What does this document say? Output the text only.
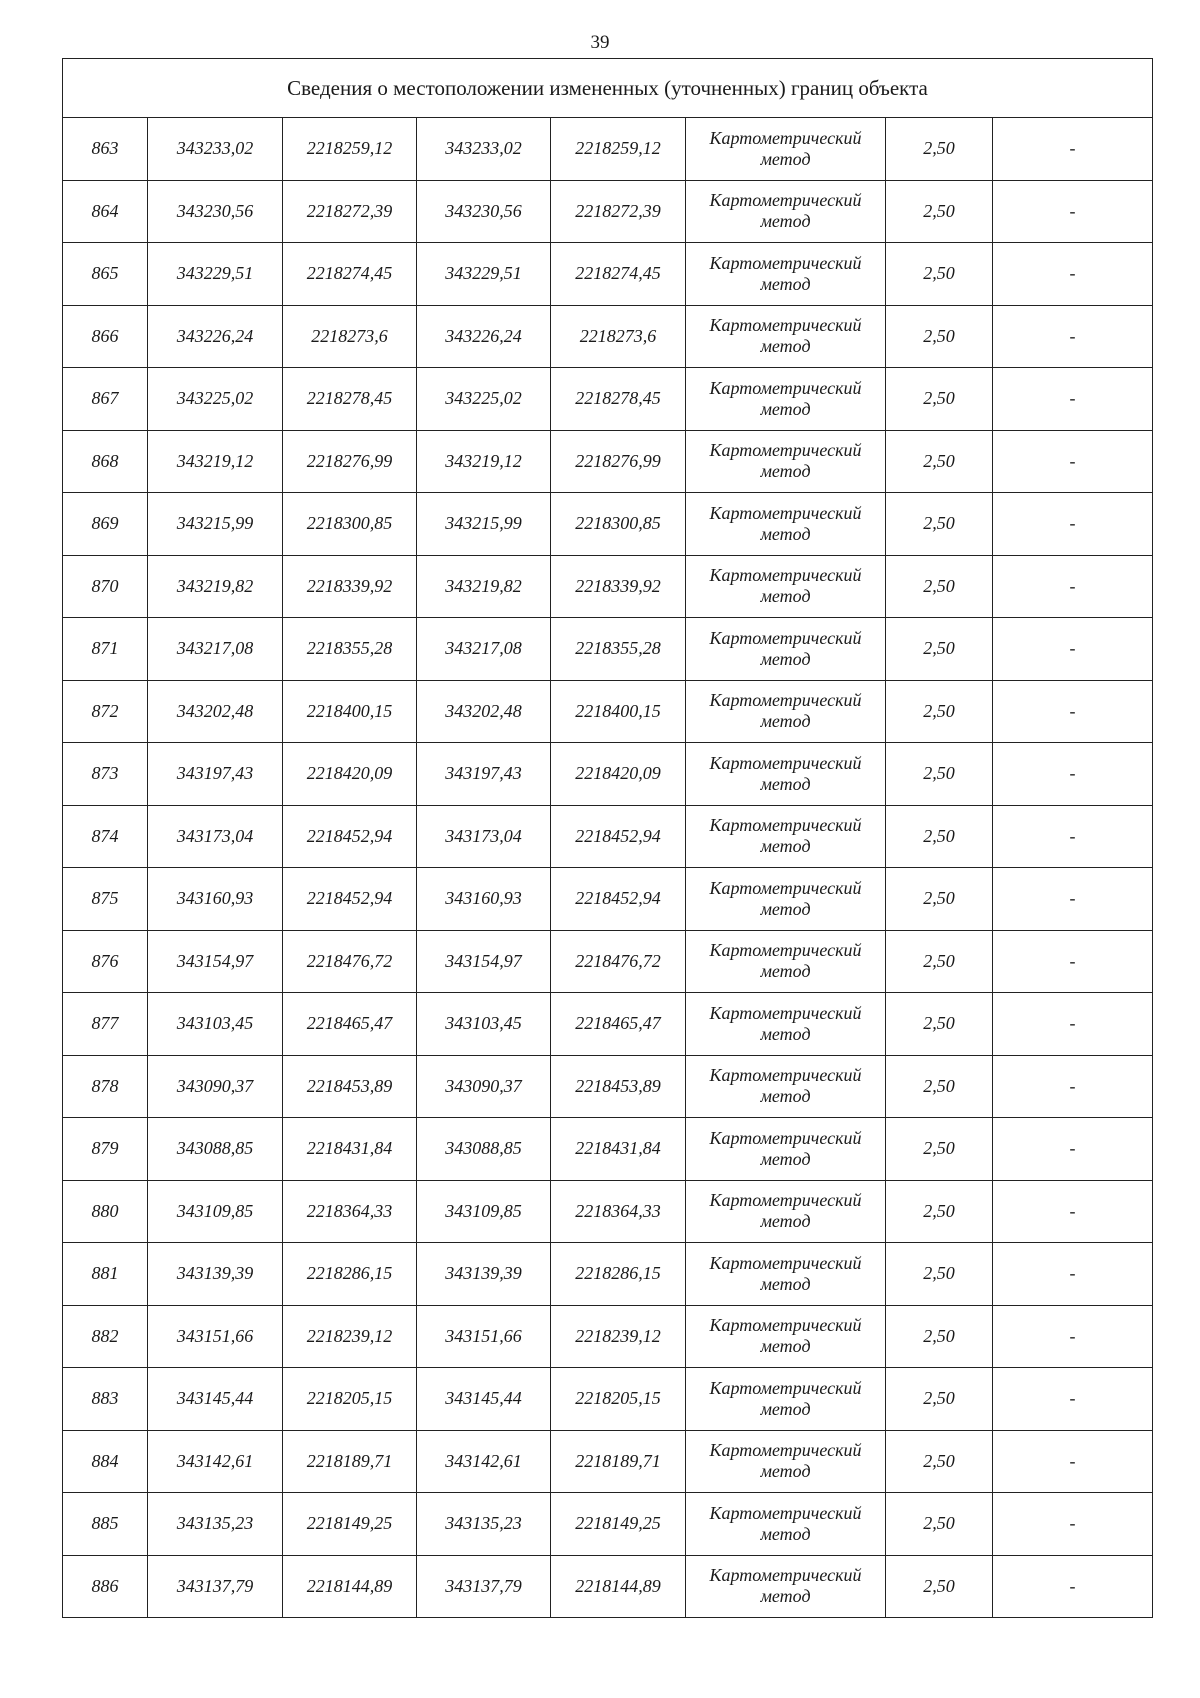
39
Сведения о местоположении измененных (уточненных) границ объекта							
863	343233,02	2218259,12	343233,02	2218259,12	Картометрический
метод	2,50	-
864	343230,56	2218272,39	343230,56	2218272,39	Картометрический
метод	2,50	-
865	343229,51	2218274,45	343229,51	2218274,45	Картометрический
метод	2,50	-
866	343226,24	2218273,6	343226,24	2218273,6	Картометрический
метод	2,50	-
867	343225,02	2218278,45	343225,02	2218278,45	Картометрический
метод	2,50	-
868	343219,12	2218276,99	343219,12	2218276,99	Картометрический
метод	2,50	-
869	343215,99	2218300,85	343215,99	2218300,85	Картометрический
метод	2,50	-
870	343219,82	2218339,92	343219,82	2218339,92	Картометрический
метод	2,50	-
871	343217,08	2218355,28	343217,08	2218355,28	Картометрический
метод	2,50	-
872	343202,48	2218400,15	343202,48	2218400,15	Картометрический
метод	2,50	-
873	343197,43	2218420,09	343197,43	2218420,09	Картометрический
метод	2,50	-
874	343173,04	2218452,94	343173,04	2218452,94	Картометрический
метод	2,50	-
875	343160,93	2218452,94	343160,93	2218452,94	Картометрический
метод	2,50	-
876	343154,97	2218476,72	343154,97	2218476,72	Картометрический
метод	2,50	-
877	343103,45	2218465,47	343103,45	2218465,47	Картометрический
метод	2,50	-
878	343090,37	2218453,89	343090,37	2218453,89	Картометрический
метод	2,50	-
879	343088,85	2218431,84	343088,85	2218431,84	Картометрический
метод	2,50	-
880	343109,85	2218364,33	343109,85	2218364,33	Картометрический
метод	2,50	-
881	343139,39	2218286,15	343139,39	2218286,15	Картометрический
метод	2,50	-
882	343151,66	2218239,12	343151,66	2218239,12	Картометрический
метод	2,50	-
883	343145,44	2218205,15	343145,44	2218205,15	Картометрический
метод	2,50	-
884	343142,61	2218189,71	343142,61	2218189,71	Картометрический
метод	2,50	-
885	343135,23	2218149,25	343135,23	2218149,25	Картометрический
метод	2,50	-
886	343137,79	2218144,89	343137,79	2218144,89	Картометрический
метод	2,50	-
